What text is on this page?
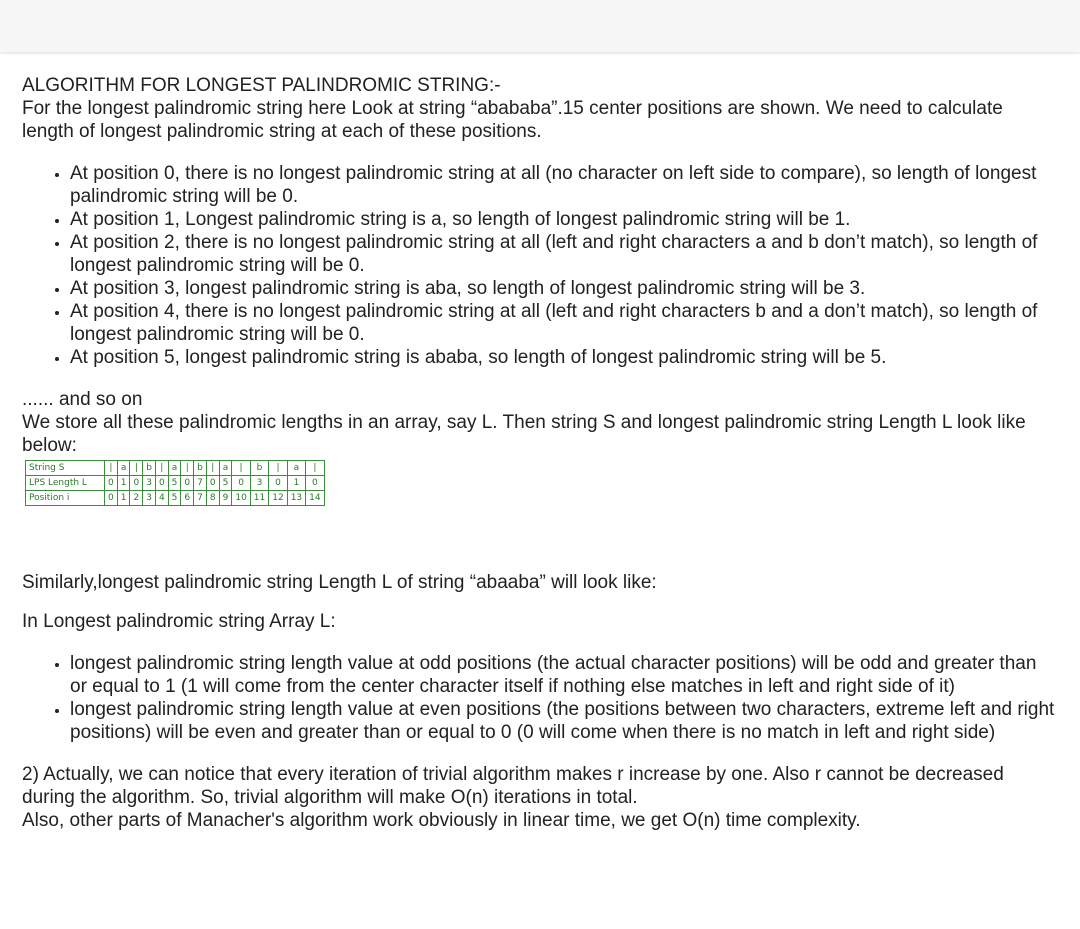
ALGORITHM FOR LONGEST PALINDROMIC STRING:-

For the longest palindromic string here Look at string “abababa”.15 center positions are shown. We need to calculate length of longest palindromic string at each of these positions.

• At position 0, there is no longest palindromic string at all (no character on left side to compare), so length of longest palindromic string will be 0.
• At position 1, Longest palindromic string is a, so length of longest palindromic string will be 1.
• At position 2, there is no longest palindromic string at all (left and right characters a and b don’t match), so length of longest palindromic string will be 0.
• At position 3, longest palindromic string is aba, so length of longest palindromic string will be 3.
• At position 4, there is no longest palindromic string at all (left and right characters b and a don’t match), so length of longest palindromic string will be 0.
• At position 5, longest palindromic string is ababa, so length of longest palindromic string will be 5.

...... and so on

We store all these palindromic lengths in an array, say L. Then string S and longest palindromic string Length L look like below:

String S	|	a	|	b	|	a	|	b	|	a	|	b	|	a	|
LPS Length L	0	1	0	3	0	5	0	7	0	5	0	3	0	1	0
Position i	0	1	2	3	4	5	6	7	8	9	10	11	12	13	14

Similarly,longest palindromic string Length L of string “abaaba” will look like:

In Longest palindromic string Array L:

• longest palindromic string length value at odd positions (the actual character positions) will be odd and greater than or equal to 1 (1 will come from the center character itself if nothing else matches in left and right side of it)
• longest palindromic string length value at even positions (the positions between two characters, extreme left and right positions) will be even and greater than or equal to 0 (0 will come when there is no match in left and right side)

2) Actually, we can notice that every iteration of trivial algorithm makes r increase by one. Also r cannot be decreased during the algorithm. So, trivial algorithm will make O(n) iterations in total.

Also, other parts of Manacher's algorithm work obviously in linear time, we get O(n) time complexity.
